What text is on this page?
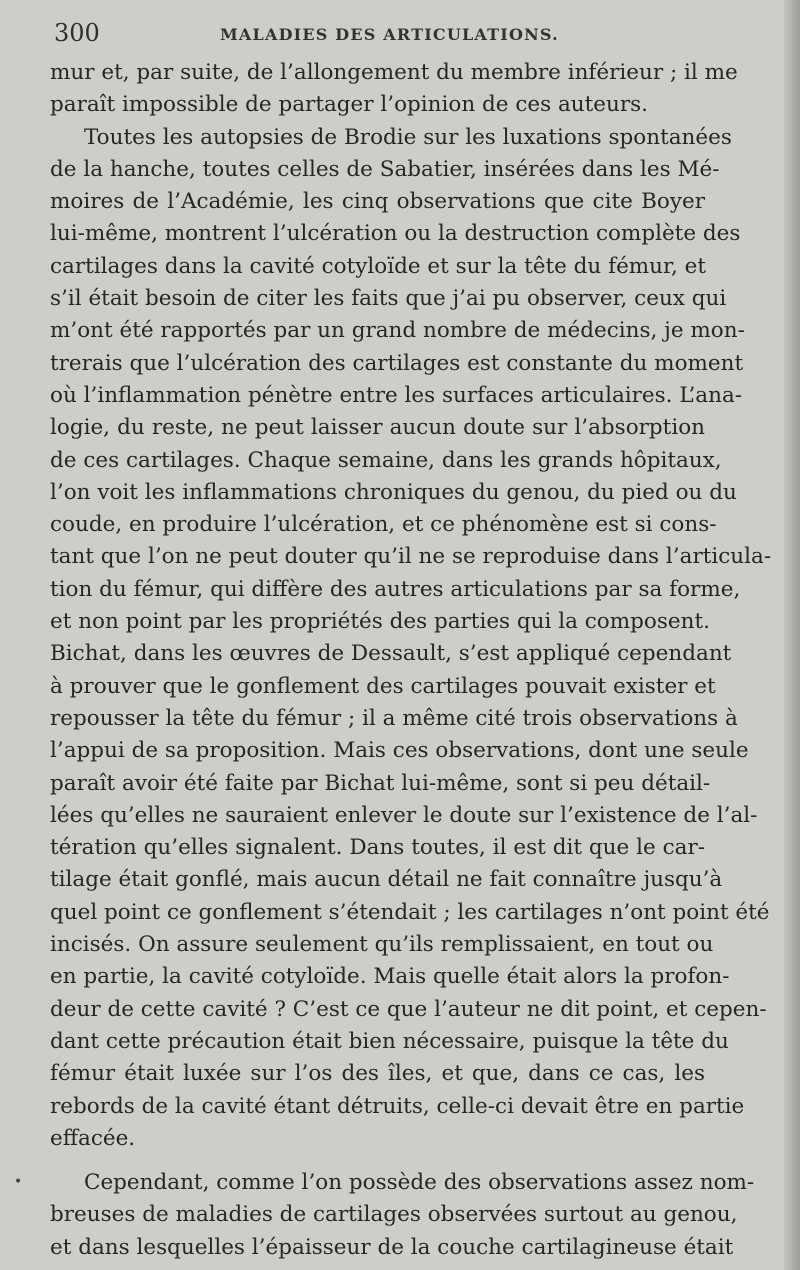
300	MALADIES DES ARTICULATIONS.
•
mur et, par suite, de l’allongement du membre inférieur ; il me
paraît impossible de partager l’opinion de ces auteurs.
Toutes les autopsies de Brodie sur les luxations spontanées
de la hanche, toutes celles de Sabatier, insérées dans les Mé-
moires de l’Académie, les cinq observations que cite Boyer
lui-même, montrent l’ulcération ou la destruction complète des
cartilages dans la cavité cotyloïde et sur la tête du fémur, et
s’il était besoin de citer les faits que j’ai pu observer, ceux qui
m’ont été rapportés par un grand nombre de médecins, je mon-
trerais que l’ulcération des cartilages est constante du moment
où l’inflammation pénètre entre les surfaces articulaires. L’ana-
logie, du reste, ne peut laisser aucun doute sur l’absorption
de ces cartilages. Chaque semaine, dans les grands hôpitaux,
l’on voit les inflammations chroniques du genou, du pied ou du
coude, en produire l’ulcération, et ce phénomène est si cons-
tant que l’on ne peut douter qu’il ne se reproduise dans l’articula-
tion du fémur, qui diffère des autres articulations par sa forme,
et non point par les propriétés des parties qui la composent.
Bichat, dans les œuvres de Dessault, s’est appliqué cependant
à prouver que le gonflement des cartilages pouvait exister et
repousser la tête du fémur ; il a même cité trois observations à
l’appui de sa proposition. Mais ces observations, dont une seule
paraît avoir été faite par Bichat lui-même, sont si peu détail-
lées qu’elles ne sauraient enlever le doute sur l’existence de l’al-
tération qu’elles signalent. Dans toutes, il est dit que le car-
tilage était gonflé, mais aucun détail ne fait connaître jusqu’à
quel point ce gonflement s’étendait ; les cartilages n’ont point été
incisés. On assure seulement qu’ils remplissaient, en tout ou
en partie, la cavité cotyloïde. Mais quelle était alors la profon-
deur de cette cavité ? C’est ce que l’auteur ne dit point, et cepen-
dant cette précaution était bien nécessaire, puisque la tête du
fémur était luxée sur l’os des îles, et que, dans ce cas, les
rebords de la cavité étant détruits, celle-ci devait être en partie
effacée.
Cependant, comme l’on possède des observations assez nom-
breuses de maladies de cartilages observées surtout au genou,
et dans lesquelles l’épaisseur de la couche cartilagineuse était
